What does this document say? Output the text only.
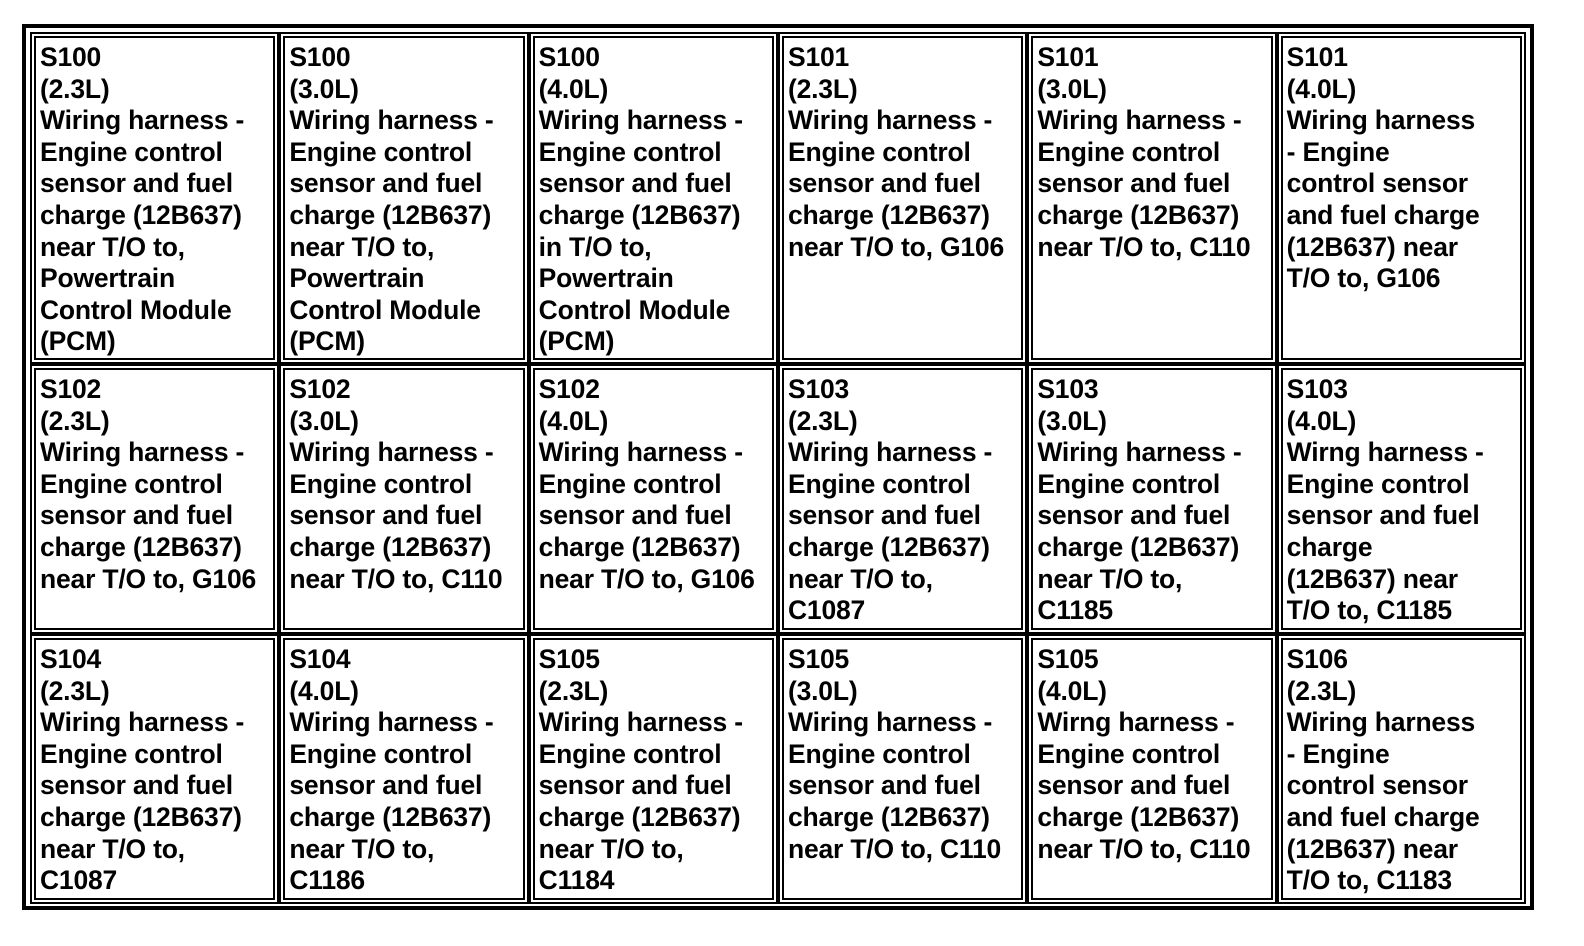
S100
(2.3L)
Wiring harness -
Engine control
sensor and fuel
charge (12B637)
near T/O to,
Powertrain
Control Module
(PCM)
S100
(3.0L)
Wiring harness -
Engine control
sensor and fuel
charge (12B637)
near T/O to,
Powertrain
Control Module
(PCM)
S100
(4.0L)
Wiring harness -
Engine control
sensor and fuel
charge (12B637)
in T/O to,
Powertrain
Control Module
(PCM)
S101
(2.3L)
Wiring harness -
Engine control
sensor and fuel
charge (12B637)
near T/O to, G106
S101
(3.0L)
Wiring harness -
Engine control
sensor and fuel
charge (12B637)
near T/O to, C110
S101
(4.0L)
Wiring harness
- Engine
control sensor
and fuel charge
(12B637) near
T/O to, G106
S102
(2.3L)
Wiring harness -
Engine control
sensor and fuel
charge (12B637)
near T/O to, G106
S102
(3.0L)
Wiring harness -
Engine control
sensor and fuel
charge (12B637)
near T/O to, C110
S102
(4.0L)
Wiring harness -
Engine control
sensor and fuel
charge (12B637)
near T/O to, G106
S103
(2.3L)
Wiring harness -
Engine control
sensor and fuel
charge (12B637)
near T/O to,
C1087
S103
(3.0L)
Wiring harness -
Engine control
sensor and fuel
charge (12B637)
near T/O to,
C1185
S103
(4.0L)
Wirng harness -
Engine control
sensor and fuel
charge
(12B637) near
T/O to, C1185
S104
(2.3L)
Wiring harness -
Engine control
sensor and fuel
charge (12B637)
near T/O to,
C1087
S104
(4.0L)
Wiring harness -
Engine control
sensor and fuel
charge (12B637)
near T/O to,
C1186
S105
(2.3L)
Wiring harness -
Engine control
sensor and fuel
charge (12B637)
near T/O to,
C1184
S105
(3.0L)
Wiring harness -
Engine control
sensor and fuel
charge (12B637)
near T/O to, C110
S105
(4.0L)
Wirng harness -
Engine control
sensor and fuel
charge (12B637)
near T/O to, C110
S106
(2.3L)
Wiring harness
- Engine
control sensor
and fuel charge
(12B637) near
T/O to, C1183
